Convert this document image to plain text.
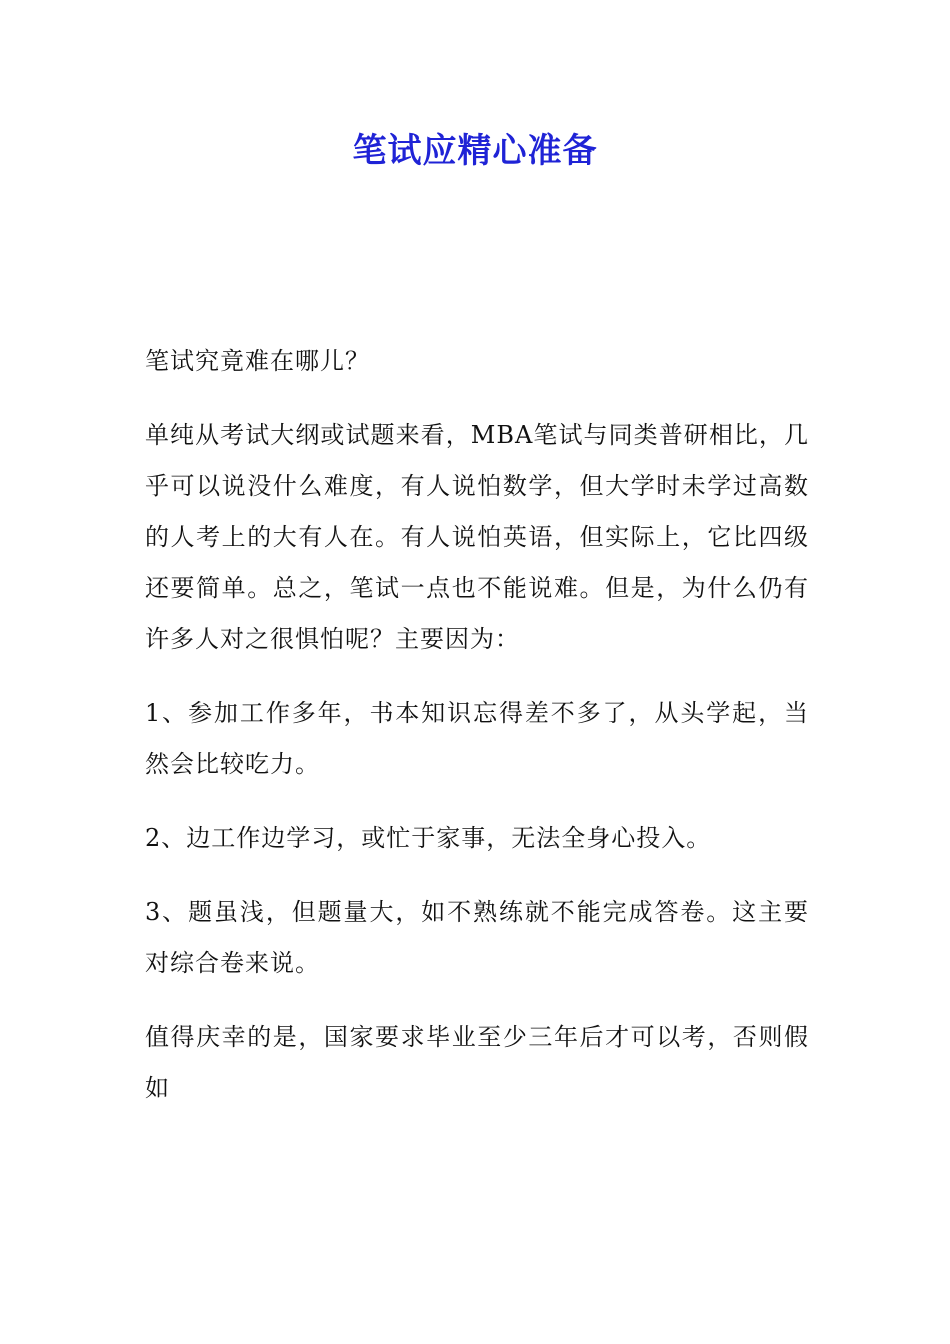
笔试应精心准备

笔试究竟难在哪儿？

单纯从考试大纲或试题来看，MBA笔试与同类普研相比，几乎可以说没什么难度，有人说怕数学，但大学时未学过高数的人考上的大有人在。有人说怕英语，但实际上，它比四级还要简单。总之，笔试一点也不能说难。但是，为什么仍有许多人对之很惧怕呢？主要因为：

1、参加工作多年，书本知识忘得差不多了，从头学起，当然会比较吃力。

2、边工作边学习，或忙于家事，无法全身心投入。

3、题虽浅，但题量大，如不熟练就不能完成答卷。这主要对综合卷来说。

值得庆幸的是，国家要求毕业至少三年后才可以考，否则假如
